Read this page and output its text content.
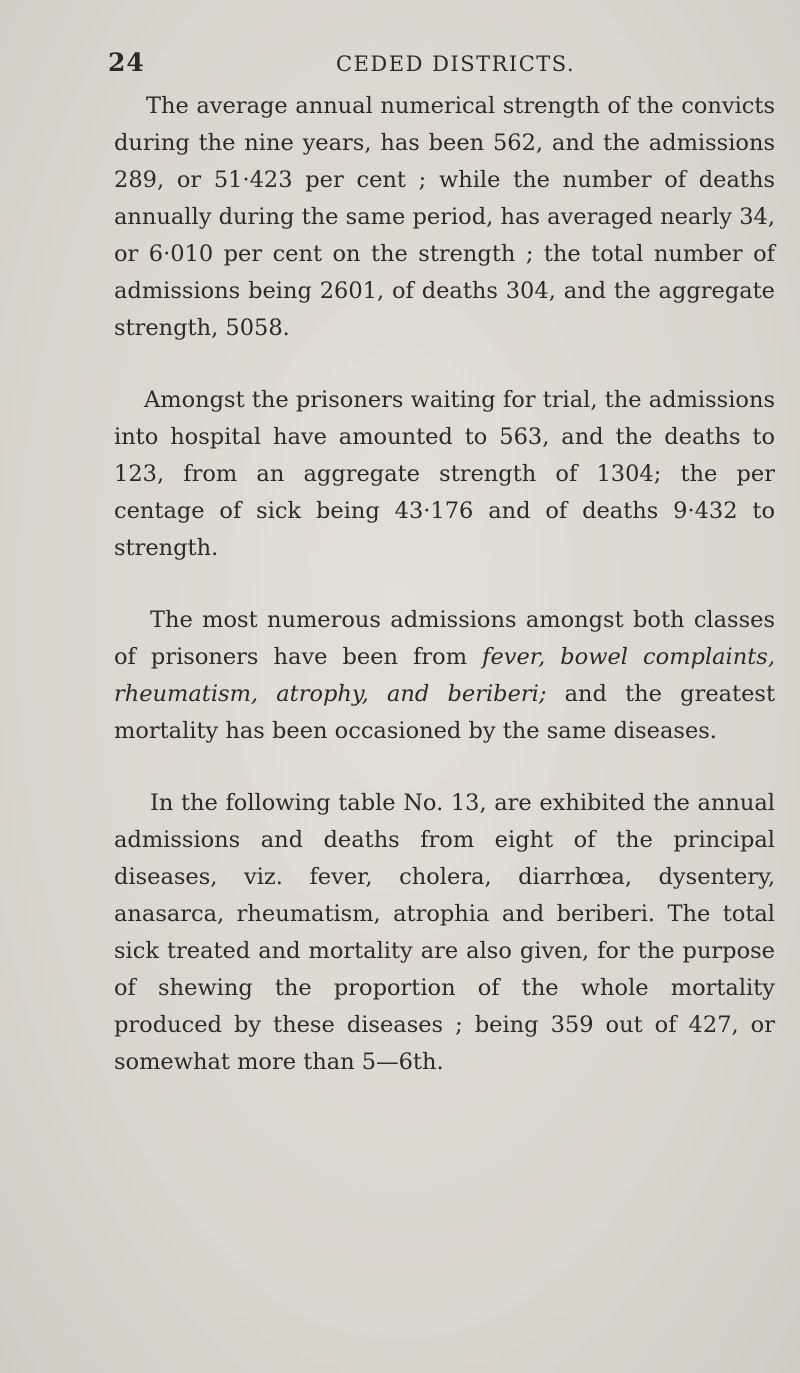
24	CEDED DISTRICTS.

The average annual numerical strength of the convicts during the nine years, has been 562, and the admissions 289, or 51·423 per cent ; while the number of deaths annually during the same period, has averaged nearly 34, or 6·010 per cent on the strength ; the total number of admissions being 2601, of deaths 304, and the aggregate strength, 5058.

Amongst the prisoners waiting for trial, the admissions into hospital have amounted to 563, and the deaths to 123, from an aggregate strength of 1304; the per centage of sick being 43·176 and of deaths 9·432 to strength.

The most numerous admissions amongst both classes of prisoners have been from fever, bowel complaints, rheumatism, atrophy, and beriberi; and the greatest mortality has been occasioned by the same diseases.

In the following table No. 13, are exhibited the annual admissions and deaths from eight of the principal diseases, viz. fever, cholera, diarrhœa, dysentery, anasarca, rheumatism, atrophia and beriberi. The total sick treated and mortality are also given, for the purpose of shewing the proportion of the whole mortality produced by these diseases ; being 359 out of 427, or somewhat more than 5—6th.
